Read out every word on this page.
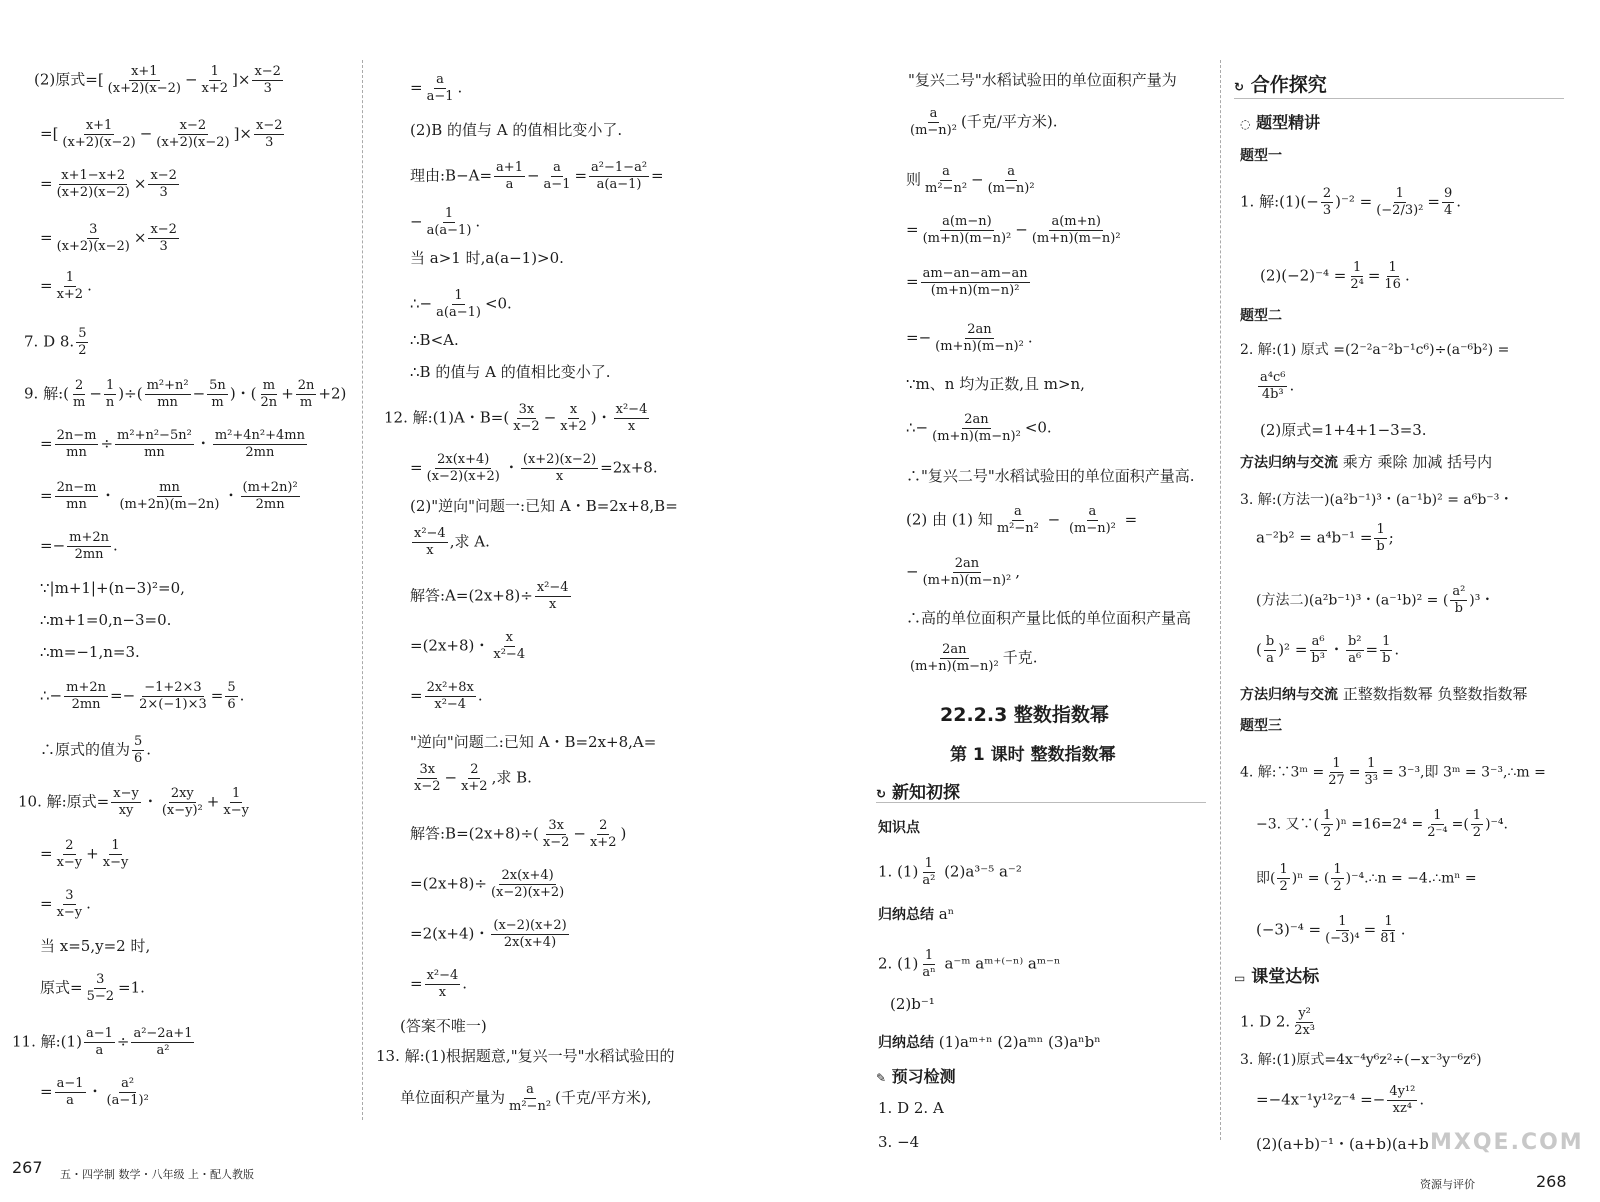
(2)原式=[ $\frac{x+1}{(x+2)(x-2)} - \frac{1}{x+2}$ ]× $\frac{x-2}{3}$
=[ $\frac{x+1}{(x+2)(x-2)} - \frac{x-2}{(x+2)(x-2)}$ ]× $\frac{x-2}{3}$
= $\frac{x+1-x+2}{(x+2)(x-2)} \times \frac{x-2}{3}$
= $\frac{3}{(x+2)(x-2)} \times \frac{x-2}{3}$
= $\frac{1}{x+2}$ .
7. D 8. $\frac{5}{2}$
9. 解:( $\frac{2}{m} - \frac{1}{n}$ )÷( $\frac{\text{m²+n²}}{mn} - \frac{5n}{m}$ )・( $\frac{m}{2n} + \frac{2n}{m} +2$)
= $\frac{2n-m}{mn} \div \frac{\text{m²+n²−5n²}}{mn}$ ・ $\frac{\text{m²+4n²+4mn}}{2mn}$
= $\frac{2n-m}{mn}$ ・ $\frac{mn}{(m+2n)(m-2n)}$ ・ $\frac{\text{(m+2n)²}}{2mn}$
=− $\frac{m+2n}{2mn}$ .
∵|m+1|+(n−3)²=0,
∴m+1=0,n−3=0.
∴m=−1,n=3.
∴− $\frac{m+2n}{2mn} =- \frac{-1+2\times 3}{2\times(-1)\times 3} = \frac{5}{6}$ .
∴原式的值为 $\frac{5}{6}$ .
10. 解:原式= $\frac{x-y}{xy}$ ・ $\frac{2xy}{\text{(x−y)²}} + \frac{1}{x-y}$
= $\frac{2}{x-y} + \frac{1}{x-y}$
= $\frac{3}{x-y}$ .
当 x=5,y=2 时,
原式= $\frac{3}{5-2} =1$.
11. 解:(1) $\frac{a-1}{a} \div \frac{\text{a²−2a+1}}{\text{a²}}$
= $\frac{a-1}{a}$ ・ $\frac{\text{a²}}{\text{(a−1)²}}$
= $\frac{a}{a-1}$ .
(2)B 的值与 A 的值相比变小了.
理由:B−A= $\frac{a+1}{a} - \frac{a}{a-1} = \frac{\text{a²−1−a²}}{a(a-1)}$ =
− $\frac{1}{a(a-1)}$ .
当 a>1 时,a(a−1)>0.
∴− $\frac{1}{a(a-1)} <0$.
∴B<A.
∴B 的值与 A 的值相比变小了.
12. 解:(1)A・$B=( \frac{3x}{x-2} - \frac{x}{x+2}$ )・ $\frac{\text{x²−4}}{x}$
= $\frac{2x(x+4)}{(x-2)(x+2)}$ ・ $\frac{(x+2)(x-2)}{x} =2x+8$.
(2)"逆向"问题一:已知 A・B=2x+8,B=
$\frac{\text{x²−4}}{x}$ ,求 A.
解答:A=(2x+8)÷ $\frac{\text{x²−4}}{x}$
=(2x+8)・ $\frac{x}{\text{x²−4}}$
= $\frac{\text{2x²+8x}}{\text{x²−4}}$ .
"逆向"问题二:已知 A・B=2x+8,A=
$\frac{3x}{x-2} - \frac{2}{x+2}$ ,求 B.
解答:B=(2x+8)÷( $\frac{3x}{x-2} - \frac{2}{x+2}$ )
$=(2x+8)\div \frac{2x(x+4)}{(x-2)(x+2)}$
=2(x+4)・ $\frac{(x-2)(x+2)}{2x(x+4)}$
= $\frac{\text{x²−4}}{x}$ .
(答案不唯一)
13. 解:(1)根据题意,"复兴一号"水稻试验田的
单位面积产量为 $\frac{a}{\text{m²−n²}}$ (千克/平方米),
"复兴二号"水稻试验田的单位面积产量为
$\frac{a}{\text{(m−n)²}}$ (千克/平方米).
则 $\frac{a}{\text{m²−n²}} - \frac{a}{\text{(m−n)²}}$
= $\frac{a(m-n)}{\text{(m+n)(m−n)²}} - \frac{a(m+n)}{\text{(m+n)(m−n)²}}$
= $\frac{am-an-am-an}{\text{(m+n)(m−n)²}}$
=− $\frac{2an}{\text{(m+n)(m−n)²}}$ .
∵m、n 均为正数,且 m>n,
∴− $\frac{2an}{\text{(m+n)(m−n)²}} <0$.
∴"复兴二号"水稻试验田的单位面积产量高.
(2) 由 (1) 知 $\frac{a}{\text{m²−n²}} - \frac{a}{\text{(m−n)²}}$ =
− $\frac{2an}{\text{(m+n)(m−n)²}}$ ,
∴高的单位面积产量比低的单位面积产量高
$\frac{2an}{\text{(m+n)(m−n)²}}$ 千克.
22.2.3 整数指数幂
第 1 课时 整数指数幂
↻ 新知初探
知识点
1. $(1) \frac{1}{\text{a²}} (2)a^{3-5}$ a⁻²
归纳总结 aⁿ
2. $(1) \frac{1}{\text{aⁿ}}$ a⁻ᵐ aᵐ⁺⁽⁻ⁿ⁾ aᵐ⁻ⁿ
(2)b⁻¹
归纳总结 (1)aᵐ⁺ⁿ (2)aᵐⁿ (3)aⁿbⁿ
✎ 预习检测
1. D 2. A
3. −4
↻ 合作探究
◌ 题型精讲
题型一
1. 解:(1)(− $\frac{2}{3} )^{-2} = \frac{1}{\text{(−2/3)²}} = \frac{9}{4}$ .
$(2)(-2)^{-4} = \frac{1}{\text{2⁴}} = \frac{1}{16}$ .
题型二
2. 解:(1) 原式 =(2⁻²a⁻²b⁻¹c⁶)÷(a⁻⁶b²) =
$\frac{\text{a⁴c⁶}}{\text{4b³}}$ .
(2)原式=1+4+1−3=3.
方法归纳与交流 乘方 乘除 加减 括号内
3. 解:(方法一)(a²b⁻¹)³・(a⁻¹b)² = a⁶b⁻³・
$a^{-2}b^2 = a^4b^{-1} = \frac{1}{b}$ ;
(方法二)(a²b⁻¹)³・(a⁻¹b)² = ( $\frac{\text{a²}}{b} )^3$・
( $\frac{b}{a} )^2 = \frac{\text{a⁶}}{\text{b³}}$ ・ $\frac{\text{b²}}{\text{a⁶}} = \frac{1}{b}$ .
方法归纳与交流 正整数指数幂 负整数指数幂
题型三
4. 解:∵3ᵐ = $\frac{1}{27} = \frac{1}{\text{3³}} = 3^{-3}$,即 3ᵐ = 3⁻³,∴m =
−3. 又∵( $\frac{1}{2} )^n =16=2^4 = \frac{1}{\text{2⁻⁴}}$ =( $\frac{1}{2} )^{-4}$.
即( $\frac{1}{2} )^n$ = ( $\frac{1}{2}$ )⁻⁴.∴n = −4.∴mⁿ =
$(-3)^{-4} = \frac{1}{\text{(−3)⁴}} = \frac{1}{81}$ .
▭ 课堂达标
1. D 2. $\frac{\text{y²}}{\text{2x³}}$
3. 解:(1)原式=4x⁻⁴y⁶z²÷(−x⁻³y⁻⁶z⁶)
$=-4x^{-1}y^{12}z^{-4} =- \frac{\text{4y¹²}}{\text{xz⁴}}$ .
(2)(a+b)⁻¹・(a+b)(a+b
267 五・四学制 数学・八年级 上・配人教版
资源与评价	268
MXQE.COM
